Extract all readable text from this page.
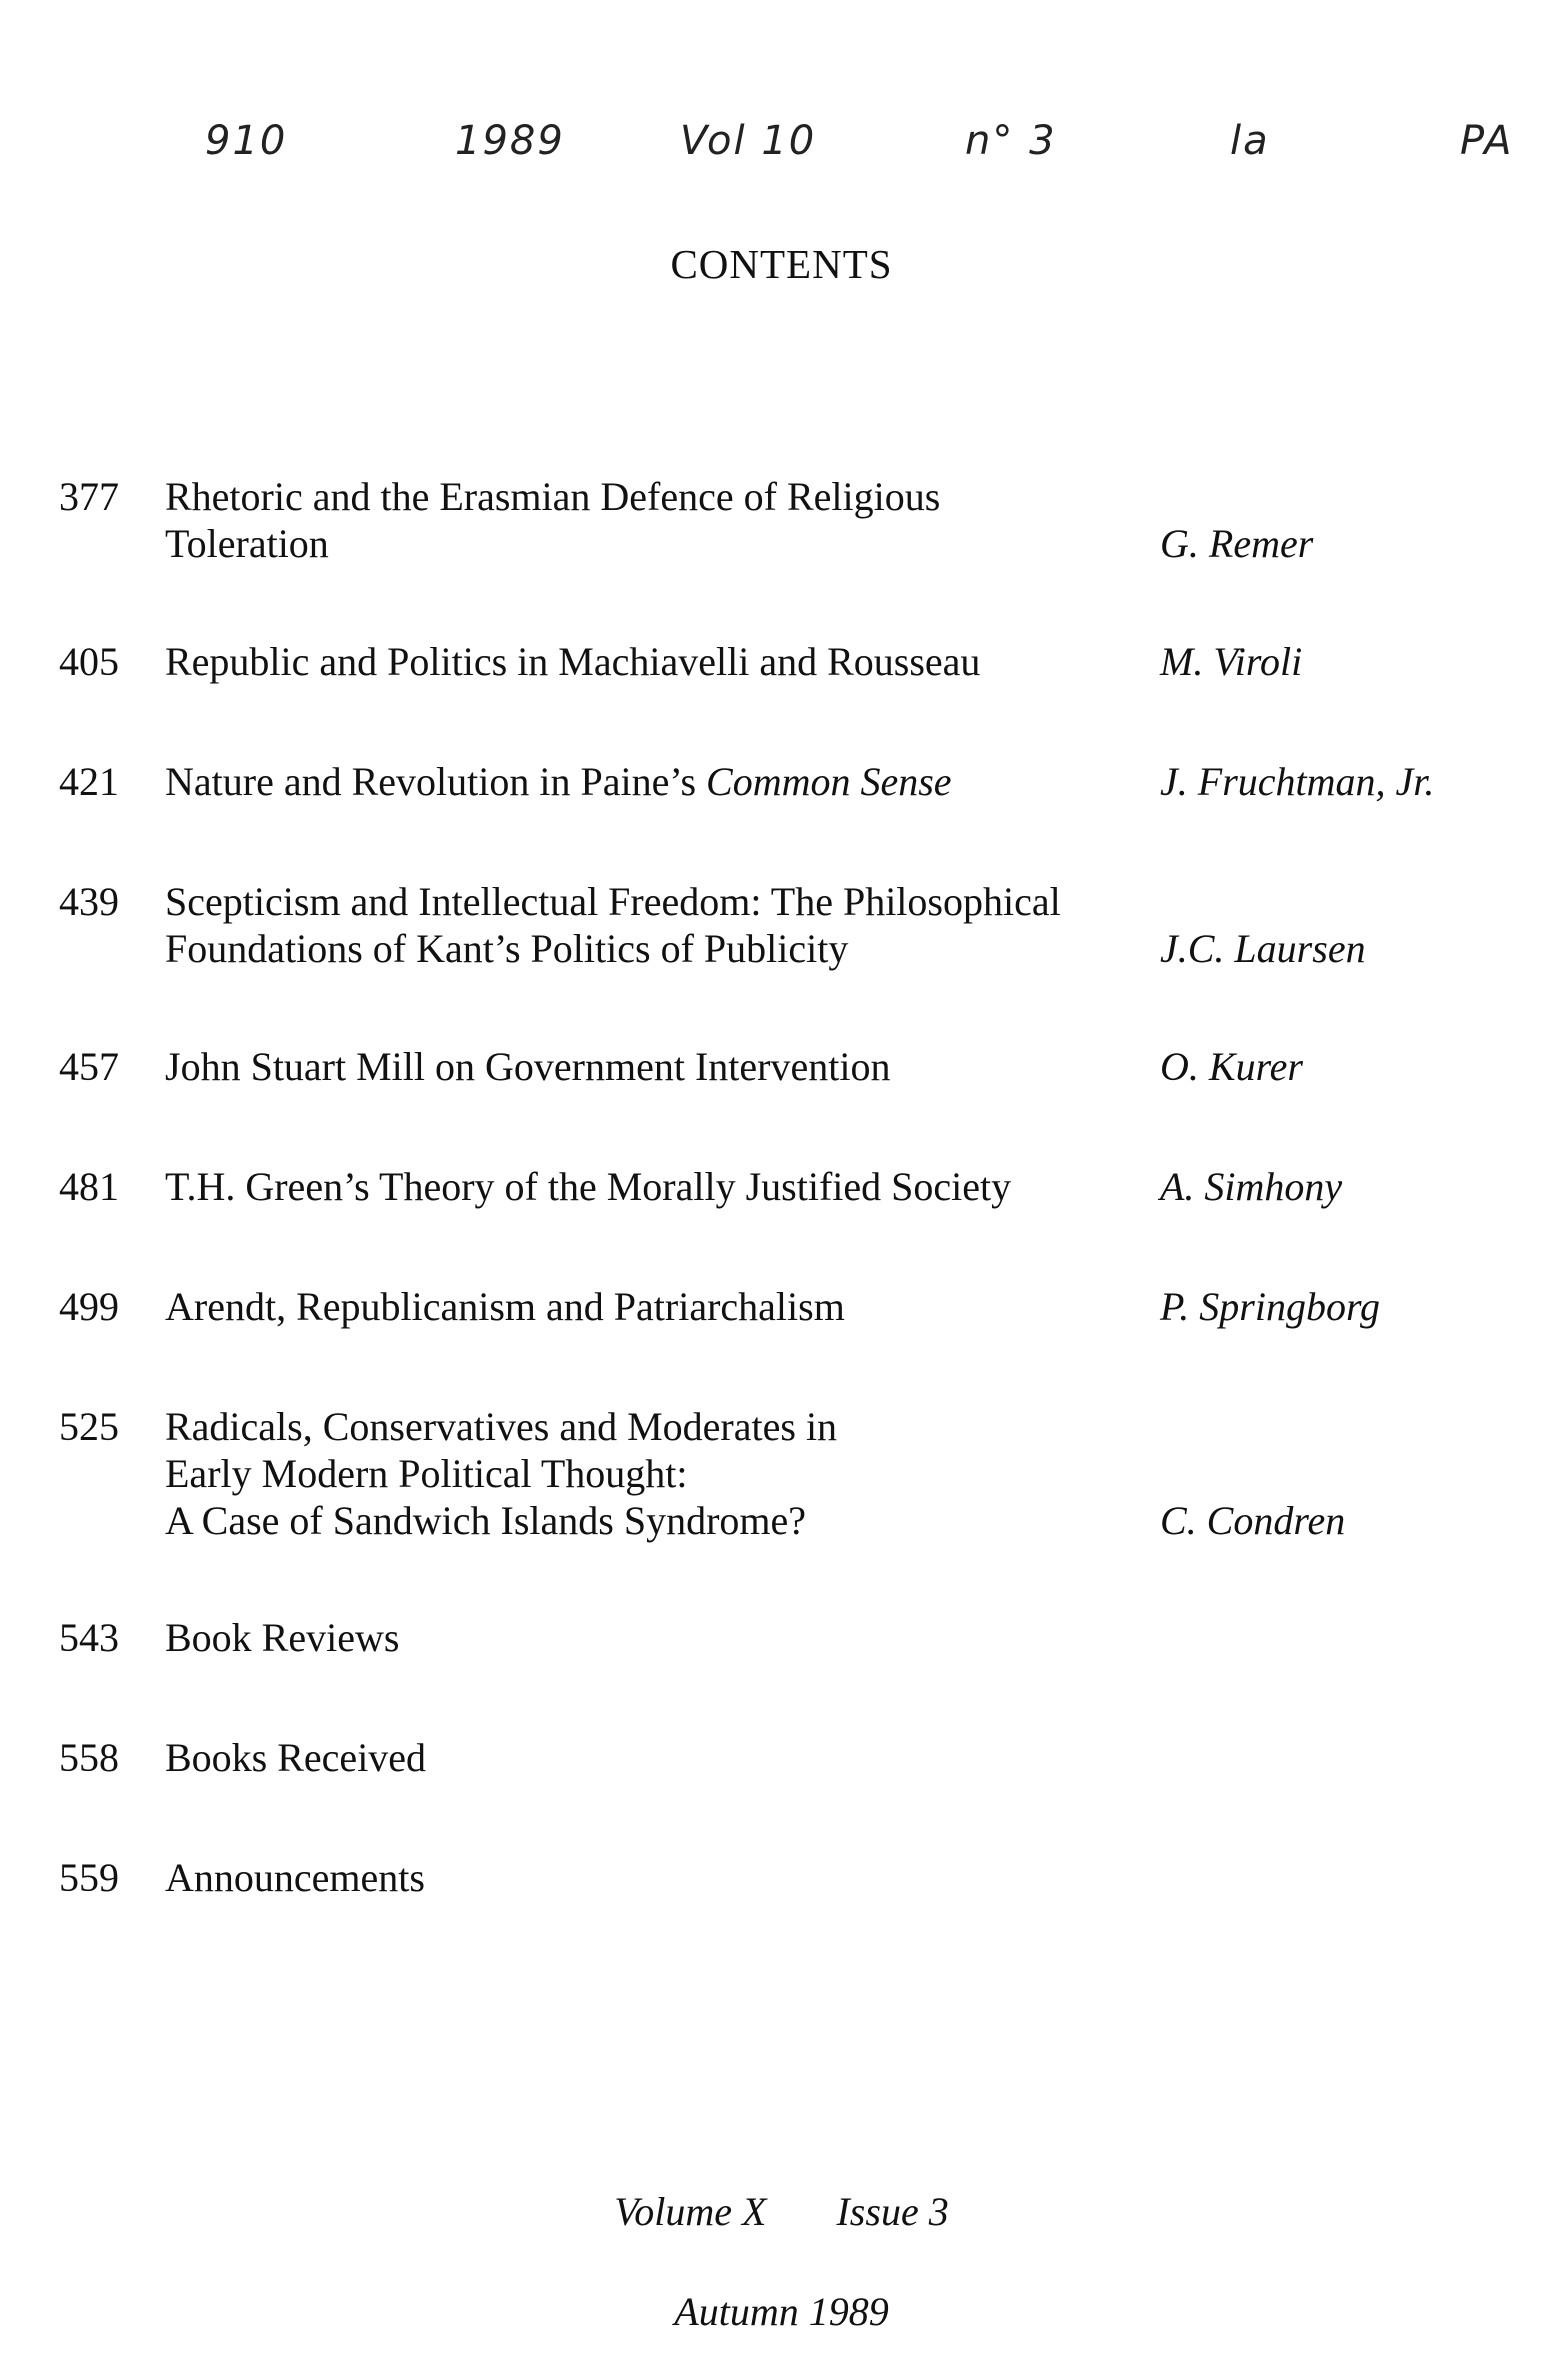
910	1989	Vol 10	n° 3	la	PA
CONTENTS
377 Rhetoric and the Erasmian Defence of Religious
Toleration	G. Remer
405 Republic and Politics in Machiavelli and Rousseau	M. Viroli
421 Nature and Revolution in Paine’s Common Sense	J. Fruchtman, Jr.
439 Scepticism and Intellectual Freedom: The Philosophical
Foundations of Kant’s Politics of Publicity	J.C. Laursen
457 John Stuart Mill on Government Intervention	O. Kurer
481 T.H. Green’s Theory of the Morally Justified Society	A. Simhony
499 Arendt, Republicanism and Patriarchalism	P. Springborg
525 Radicals, Conservatives and Moderates in
Early Modern Political Thought:
A Case of Sandwich Islands Syndrome?	C. Condren
543 Book Reviews
558 Books Received
559 Announcements
Volume X Issue 3
Autumn 1989
